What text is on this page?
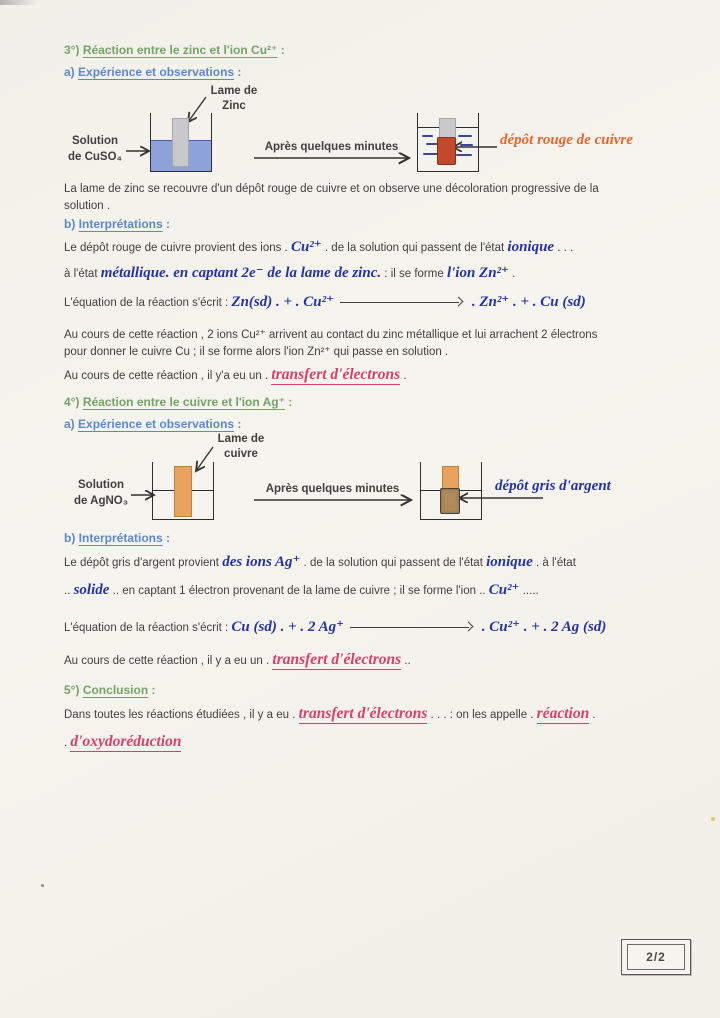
3°) Réaction entre le zinc et l'ion Cu²⁺ :
a) Expérience et observations :
Lame de
Zinc
Solution
de CuSO₄
Après quelques minutes	dépôt rouge de cuivre
La lame de zinc se recouvre d'un dépôt rouge de cuivre et on observe une décoloration progressive de la
solution .
b) Interprétations :
Le dépôt rouge de cuivre provient des ions . Cu²⁺ . de la solution qui passent de l'état ionique . . .
à l'état métallique. en captant 2e⁻ de la lame de zinc. : il se forme l'ion Zn²⁺ .
L'équation de la réaction s'écrit : Zn(sd) . + . Cu²⁺	. Zn²⁺ . + . Cu (sd)
Au cours de cette réaction , 2 ions Cu²⁺ arrivent au contact du zinc métallique et lui arrachent 2 électrons
pour donner le cuivre Cu ; il se forme alors l'ion Zn²⁺ qui passe en solution .
Au cours de cette réaction , il y'a eu un . transfert d'électrons .
4°) Réaction entre le cuivre et l'ion Ag⁺ :
a) Expérience et observations :
Lame de
cuivre
Solution
de AgNO₃
Après quelques minutes	dépôt gris d'argent
b) Interprétations :
Le dépôt gris d'argent provient des ions Ag⁺ . de la solution qui passent de l'état ionique . à l'état
.. solide .. en captant 1 électron provenant de la lame de cuivre ; il se forme l'ion .. Cu²⁺ .....
L'équation de la réaction s'écrit : Cu (sd) . + . 2 Ag⁺	. Cu²⁺ . + . 2 Ag (sd)
Au cours de cette réaction , il y a eu un . transfert d'électrons ..
5°) Conclusion :
Dans toutes les réactions étudiées , il y a eu . transfert d'électrons . . . : on les appelle . réaction .
. d'oxydoréduction
2/2
